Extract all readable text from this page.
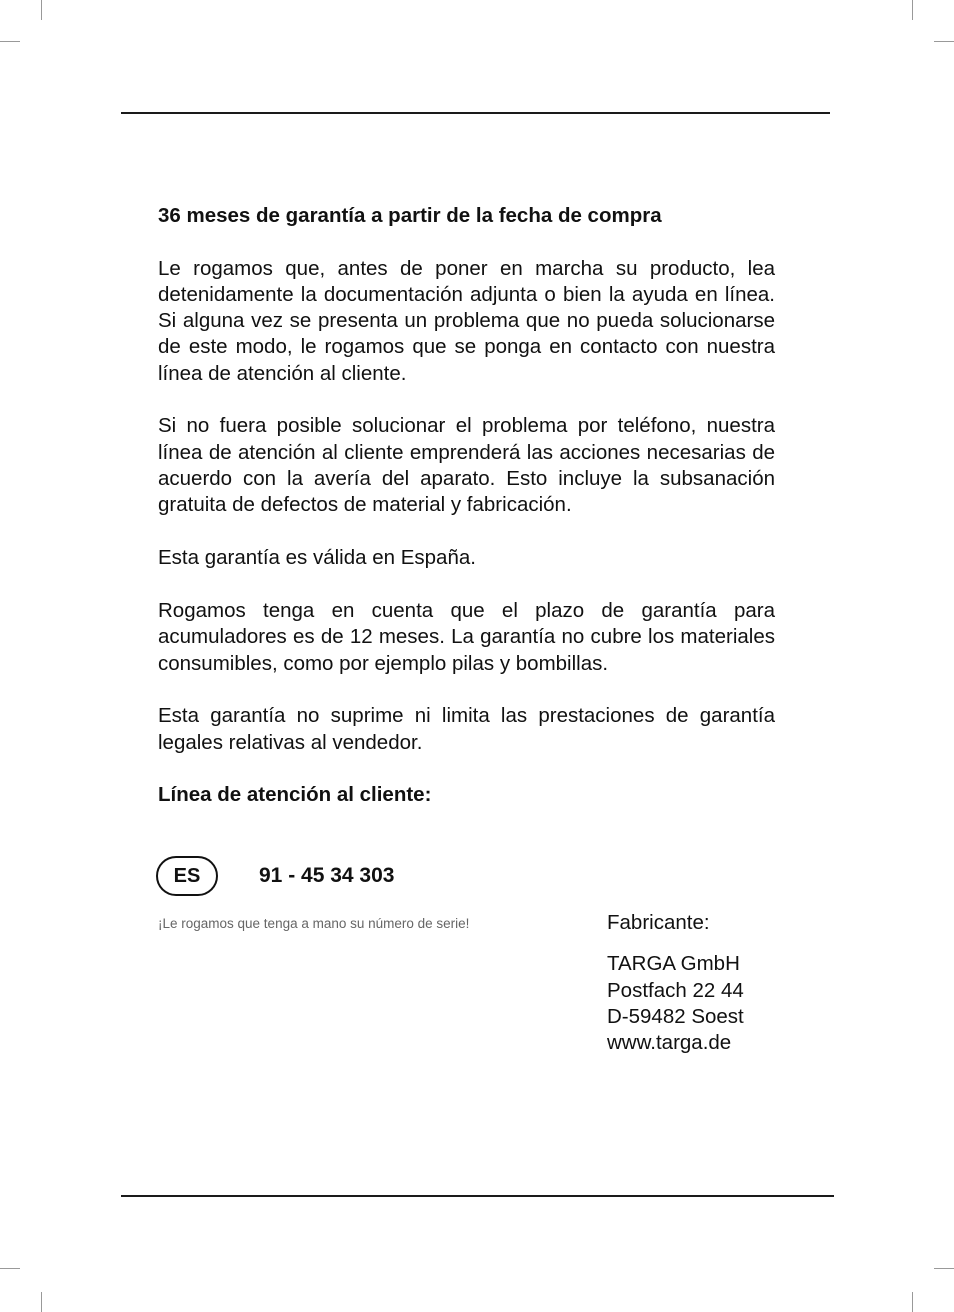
36 meses de garantía a partir de la fecha de compra

Le rogamos que, antes de poner en marcha su producto, lea detenidamente la documentación adjunta o bien la ayuda en línea. Si alguna vez se presenta un problema que no pueda solucionarse de este modo, le rogamos que se ponga en contacto con nuestra línea de atención al cliente.

Si no fuera posible solucionar el problema por teléfono, nuestra línea de atención al cliente emprenderá las acciones necesarias de acuerdo con la avería del aparato. Esto incluye la subsanación gratuita de defectos de material y fabricación.

Esta garantía es válida en España.

Rogamos tenga en cuenta que el plazo de garantía para acumuladores es de 12 meses. La garantía no cubre los materiales consumibles, como por ejemplo pilas y bombillas.

Esta garantía no suprime ni limita las prestaciones de garantía legales relativas al vendedor.

Línea de atención al cliente:

ES	91 - 45 34 303
¡Le rogamos que tenga a mano su número de serie!	Fabricante:
TARGA GmbH
Postfach 22 44
D-59482 Soest
www.targa.de
